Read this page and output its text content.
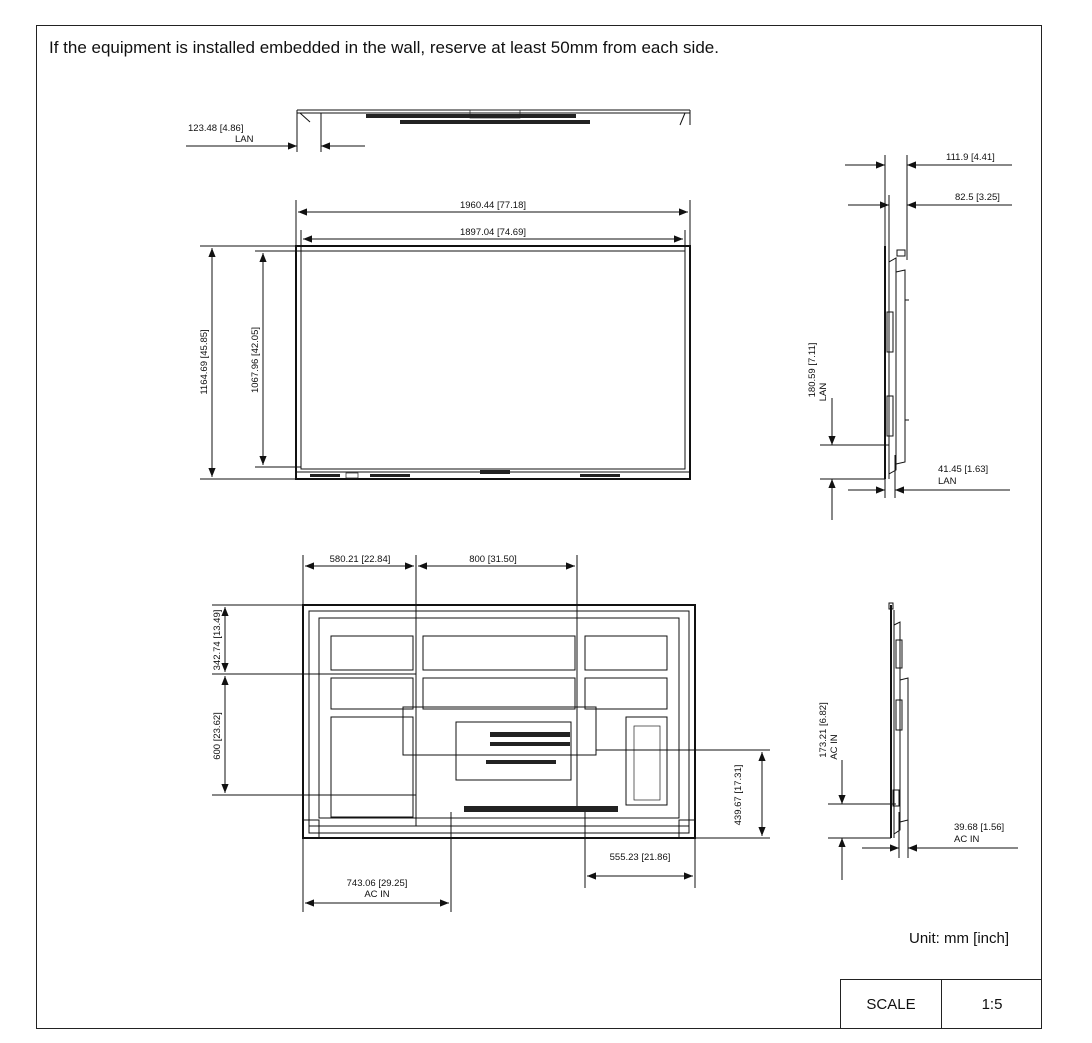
If the equipment is installed embedded in the wall, reserve at least 50mm from each side.
123.48 [4.86]
LAN
1960.44 [77.18]
1897.04 [74.69]
1164.69 [45.85]	1067.96 [42.05]
111.9 [4.41]
82.5 [3.25]
180.59 [7.11] LAN
41.45 [1.63]
LAN
580.21 [22.84]	800 [31.50]
342.74 [13.49]
600 [23.62]
439.67 [17.31]
555.23 [21.86]
743.06 [29.25]
AC IN
173.21 [6.82] AC IN
39.68 [1.56]
AC IN
Unit: mm [inch]
SCALE	1:5
